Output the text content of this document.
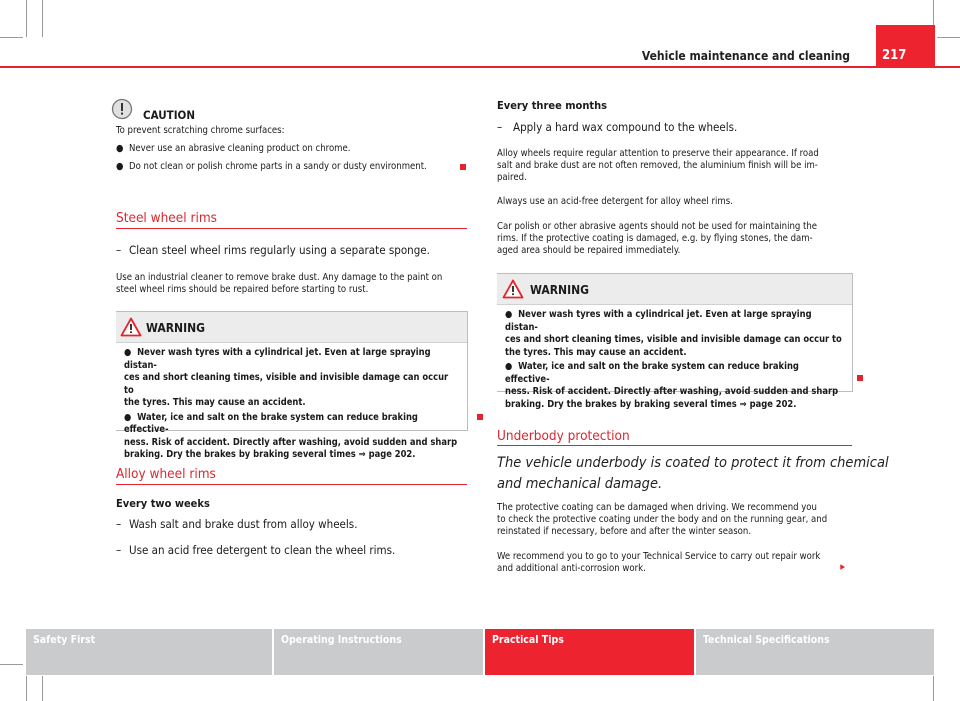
Vehicle maintenance and cleaning	217
CAUTION
To prevent scratching chrome surfaces:
● Never use an abrasive cleaning product on chrome.
● Do not clean or polish chrome parts in a sandy or dusty environment.
Steel wheel rims
– Clean steel wheel rims regularly using a separate sponge.
Use an industrial cleaner to remove brake dust. Any damage to the paint on
steel wheel rims should be repaired before starting to rust.
WARNING

● Never wash tyres with a cylindrical jet. Even at large spraying distan-

ces and short cleaning times, visible and invisible damage can occur to

the tyres. This may cause an accident.

● Water, ice and salt on the brake system can reduce braking effective-

ness. Risk of accident. Directly after washing, avoid sudden and sharp

braking. Dry the brakes by braking several times ⇒ page 202.

Alloy wheel rims
Every two weeks
– Wash salt and brake dust from alloy wheels.
– Use an acid free detergent to clean the wheel rims.
Every three months
– Apply a hard wax compound to the wheels.
Alloy wheels require regular attention to preserve their appearance. If road
salt and brake dust are not often removed, the aluminium finish will be im-
paired.
Always use an acid-free detergent for alloy wheel rims.
Car polish or other abrasive agents should not be used for maintaining the
rims. If the protective coating is damaged, e.g. by flying stones, the dam-
aged area should be repaired immediately.
WARNING

● Never wash tyres with a cylindrical jet. Even at large spraying distan-

ces and short cleaning times, visible and invisible damage can occur to

the tyres. This may cause an accident.

● Water, ice and salt on the brake system can reduce braking effective-

ness. Risk of accident. Directly after washing, avoid sudden and sharp

braking. Dry the brakes by braking several times ⇒ page 202.

Underbody protection
The vehicle underbody is coated to protect it from chemical
and mechanical damage.
The protective coating can be damaged when driving. We recommend you
to check the protective coating under the body and on the running gear, and
reinstated if necessary, before and after the winter season.
We recommend you to go to your Technical Service to carry out repair work
and additional anti-corrosion work.	⯈
Safety First	Operating Instructions	Practical Tips	Technical Specifications
